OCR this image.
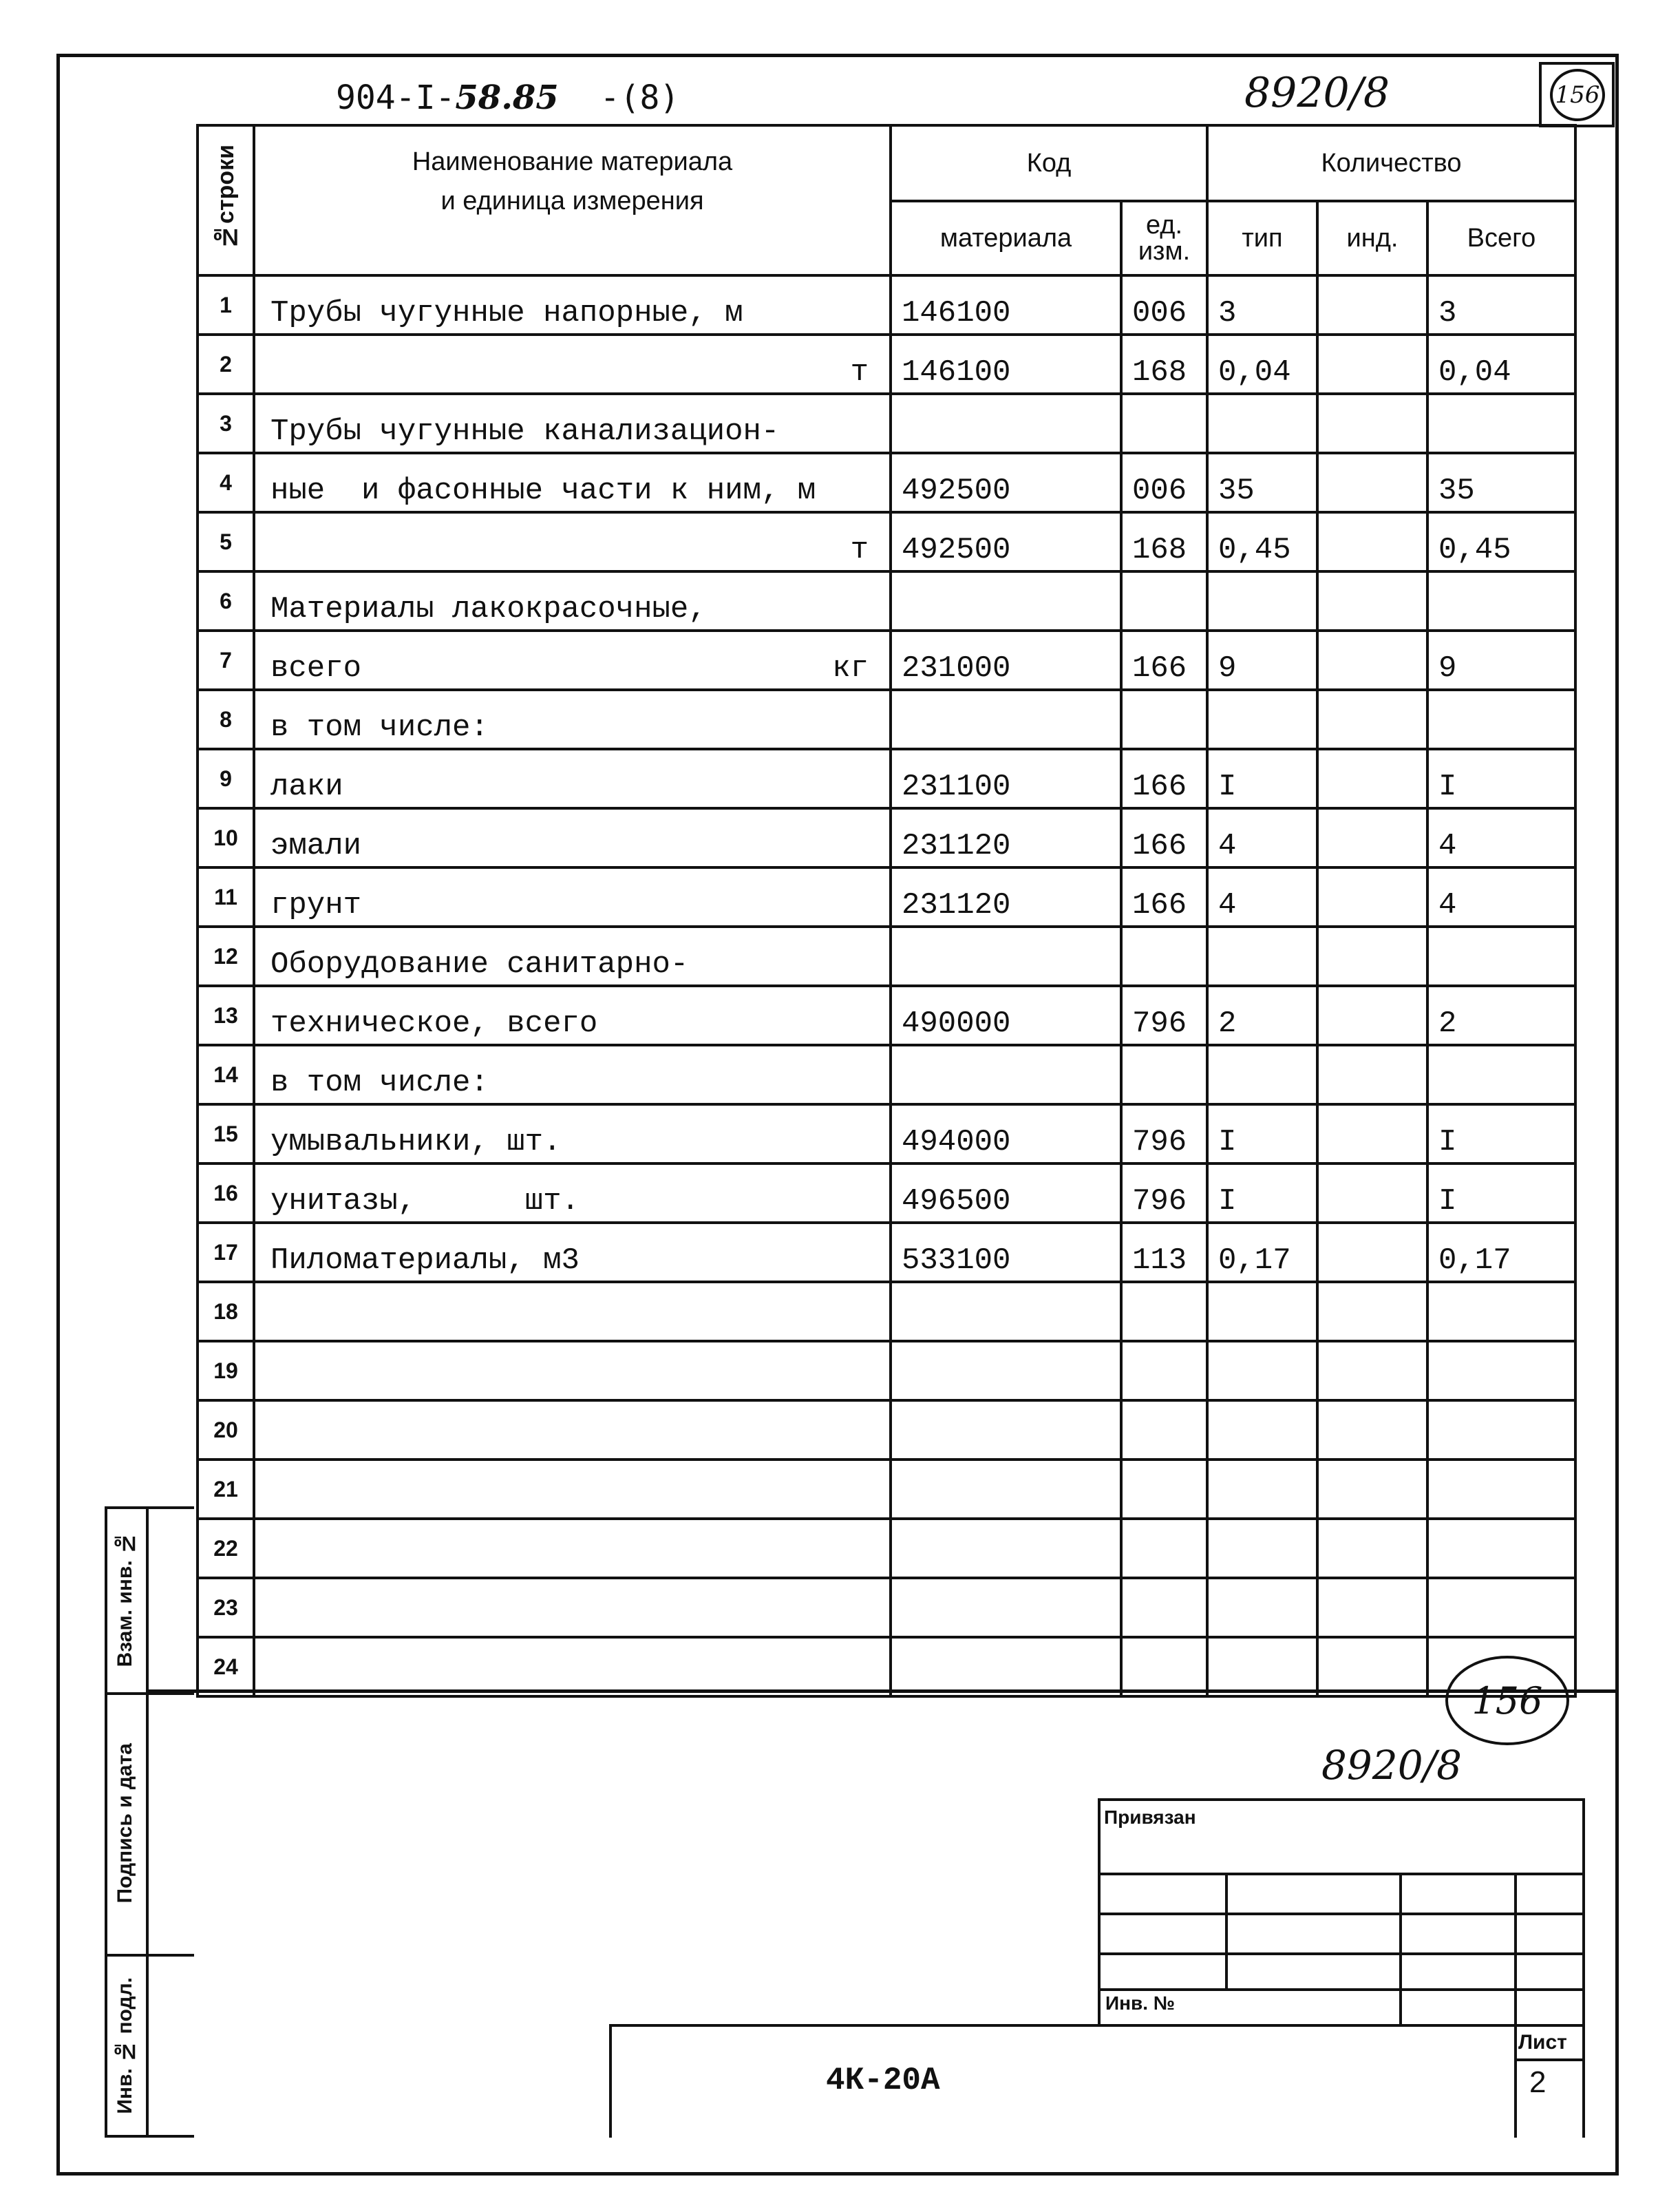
904-I-58.85 -(8)	8920/8	156
№строки	Наименование материала
и единица измерения	Код		Количество		
		материала	ед. изм.	тип	инд.	Всего
1	Трубы чугунные напорные, м	146100	006	3		3
2	т	146100	168	0,04		0,04
3	Трубы чугунные канализацион-					

4	ные  и фасонные части к ним, м	492500	006	35		35
5	т	492500	168	0,45		0,45
6	Материалы лакокрасочные,					

7	всего кг	231000	166	9		9
8	в том числе:					

9	лаки	231100	166	I		I
10	эмали	231120	166	4		4
11	грунт	231120	166	4		4
12	Оборудование санитарно-					

13	техническое, всего	490000	796	2		2
14	в том числе:					

15	умывальники, шт.	494000	796	I		I
16	унитазы,      шт.	496500	796	I		I
17	Пиломатериалы, м3	533100	113	0,17		0,17
18	

19	

20	

21	

22	

23	

24	

Взам. инв. №
Подпись и дата
Инв. № подл.
156
8920/8
Привязан
Инв. №
Лист
2
4К-20А
